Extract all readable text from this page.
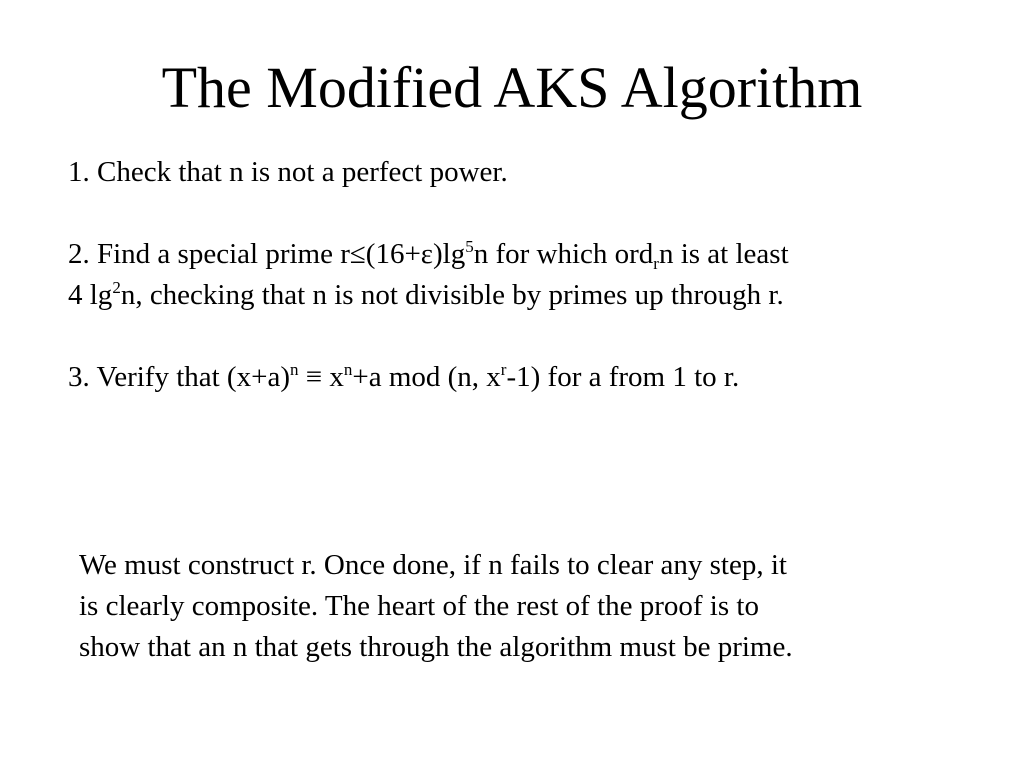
The Modified AKS Algorithm

1. Check that n is not a perfect power.

2. Find a special prime $r\le(16+\varepsilon)\lg^5n$ for which ord$_r$n is at least
4 $\lg^2n$, checking that n is not divisible by primes up through r.

3. Verify that $(x+a)^n \equiv x^n+a$ mod (n, $x^r-1$) for a from 1 to r.

We must construct r. Once done, if n fails to clear any step, it
is clearly composite. The heart of the rest of the proof is to
show that an n that gets through the algorithm must be prime.
